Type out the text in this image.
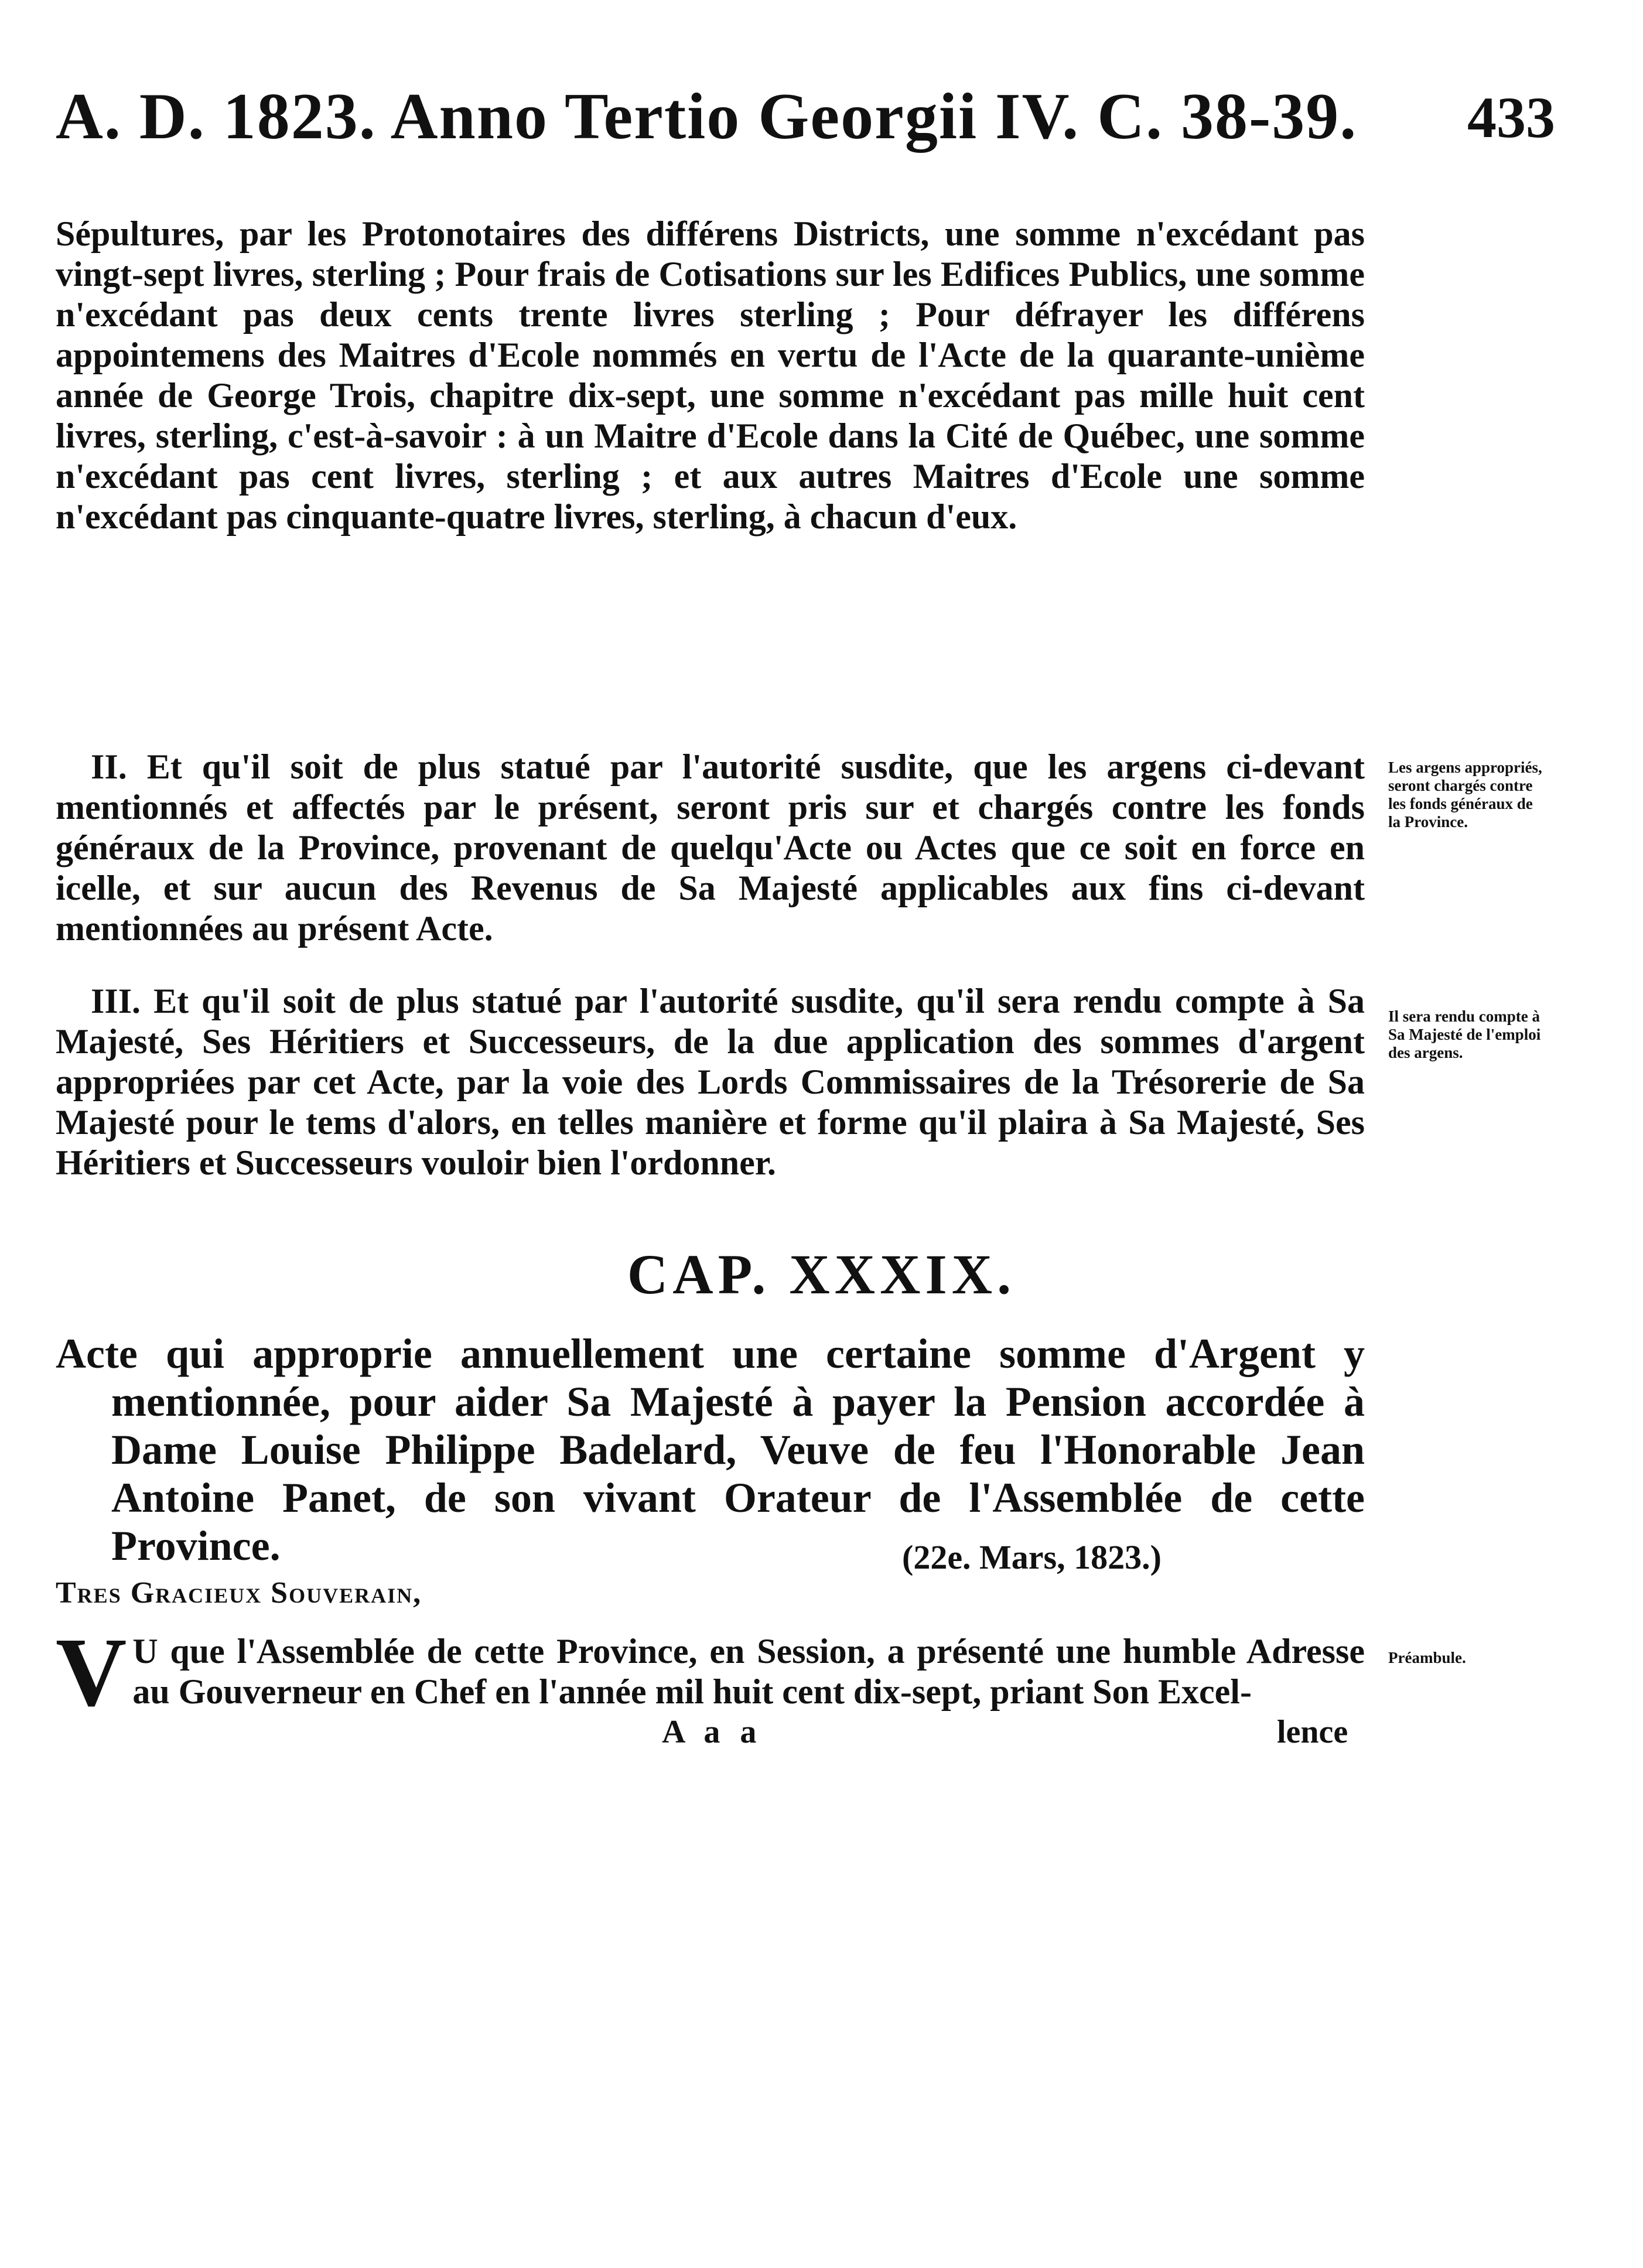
A. D. 1823. Anno Tertio Georgii IV. C. 38-39. 433
Sépultures, par les Protonotaires des différens Districts, une somme n'excédant pas vingt-sept livres, sterling ; Pour frais de Cotisations sur les Edifices Publics, une somme n'excédant pas deux cents trente livres sterling ; Pour défrayer les différens appointemens des Maitres d'Ecole nommés en vertu de l'Acte de la quarante-unième année de George Trois, chapitre dix-sept, une somme n'excédant pas mille huit cent livres, sterling, c'est-à-savoir : à un Maitre d'Ecole dans la Cité de Québec, une somme n'excédant pas cent livres, sterling ; et aux autres Maitres d'Ecole une somme n'excédant pas cinquante-quatre livres, sterling, à chacun d'eux.
II. Et qu'il soit de plus statué par l'autorité susdite, que les argens ci-devant mentionnés et affectés par le présent, seront pris sur et chargés contre les fonds généraux de la Province, provenant de quelqu'Acte ou Actes que ce soit en force en icelle, et sur aucun des Revenus de Sa Majesté applicables aux fins ci-devant mentionnées au présent Acte.
Les argens appropriés, seront chargés contre les fonds généraux de la Province.
III. Et qu'il soit de plus statué par l'autorité susdite, qu'il sera rendu compte à Sa Majesté, Ses Héritiers et Successeurs, de la due application des sommes d'argent appropriées par cet Acte, par la voie des Lords Commissaires de la Trésorerie de Sa Majesté pour le tems d'alors, en telles manière et forme qu'il plaira à Sa Majesté, Ses Héritiers et Successeurs vouloir bien l'ordonner.
Il sera rendu compte à Sa Majesté de l'emploi des argens.
CAP. XXXIX.
Acte qui approprie annuellement une certaine somme d'Argent y mentionnée, pour aider Sa Majesté à payer la Pension accordée à Dame Louise Philippe Badelard, Veuve de feu l'Honorable Jean Antoine Panet, de son vivant Orateur de l'Assemblée de cette Province.	(22e. Mars, 1823.)
Tres Gracieux Souverain,
V U que l'Assemblée de cette Province, en Session, a présenté une humble Adresse au Gouverneur en Chef en l'année mil huit cent dix-sept, priant Son Excel-
Préambule.
A a a	lence
